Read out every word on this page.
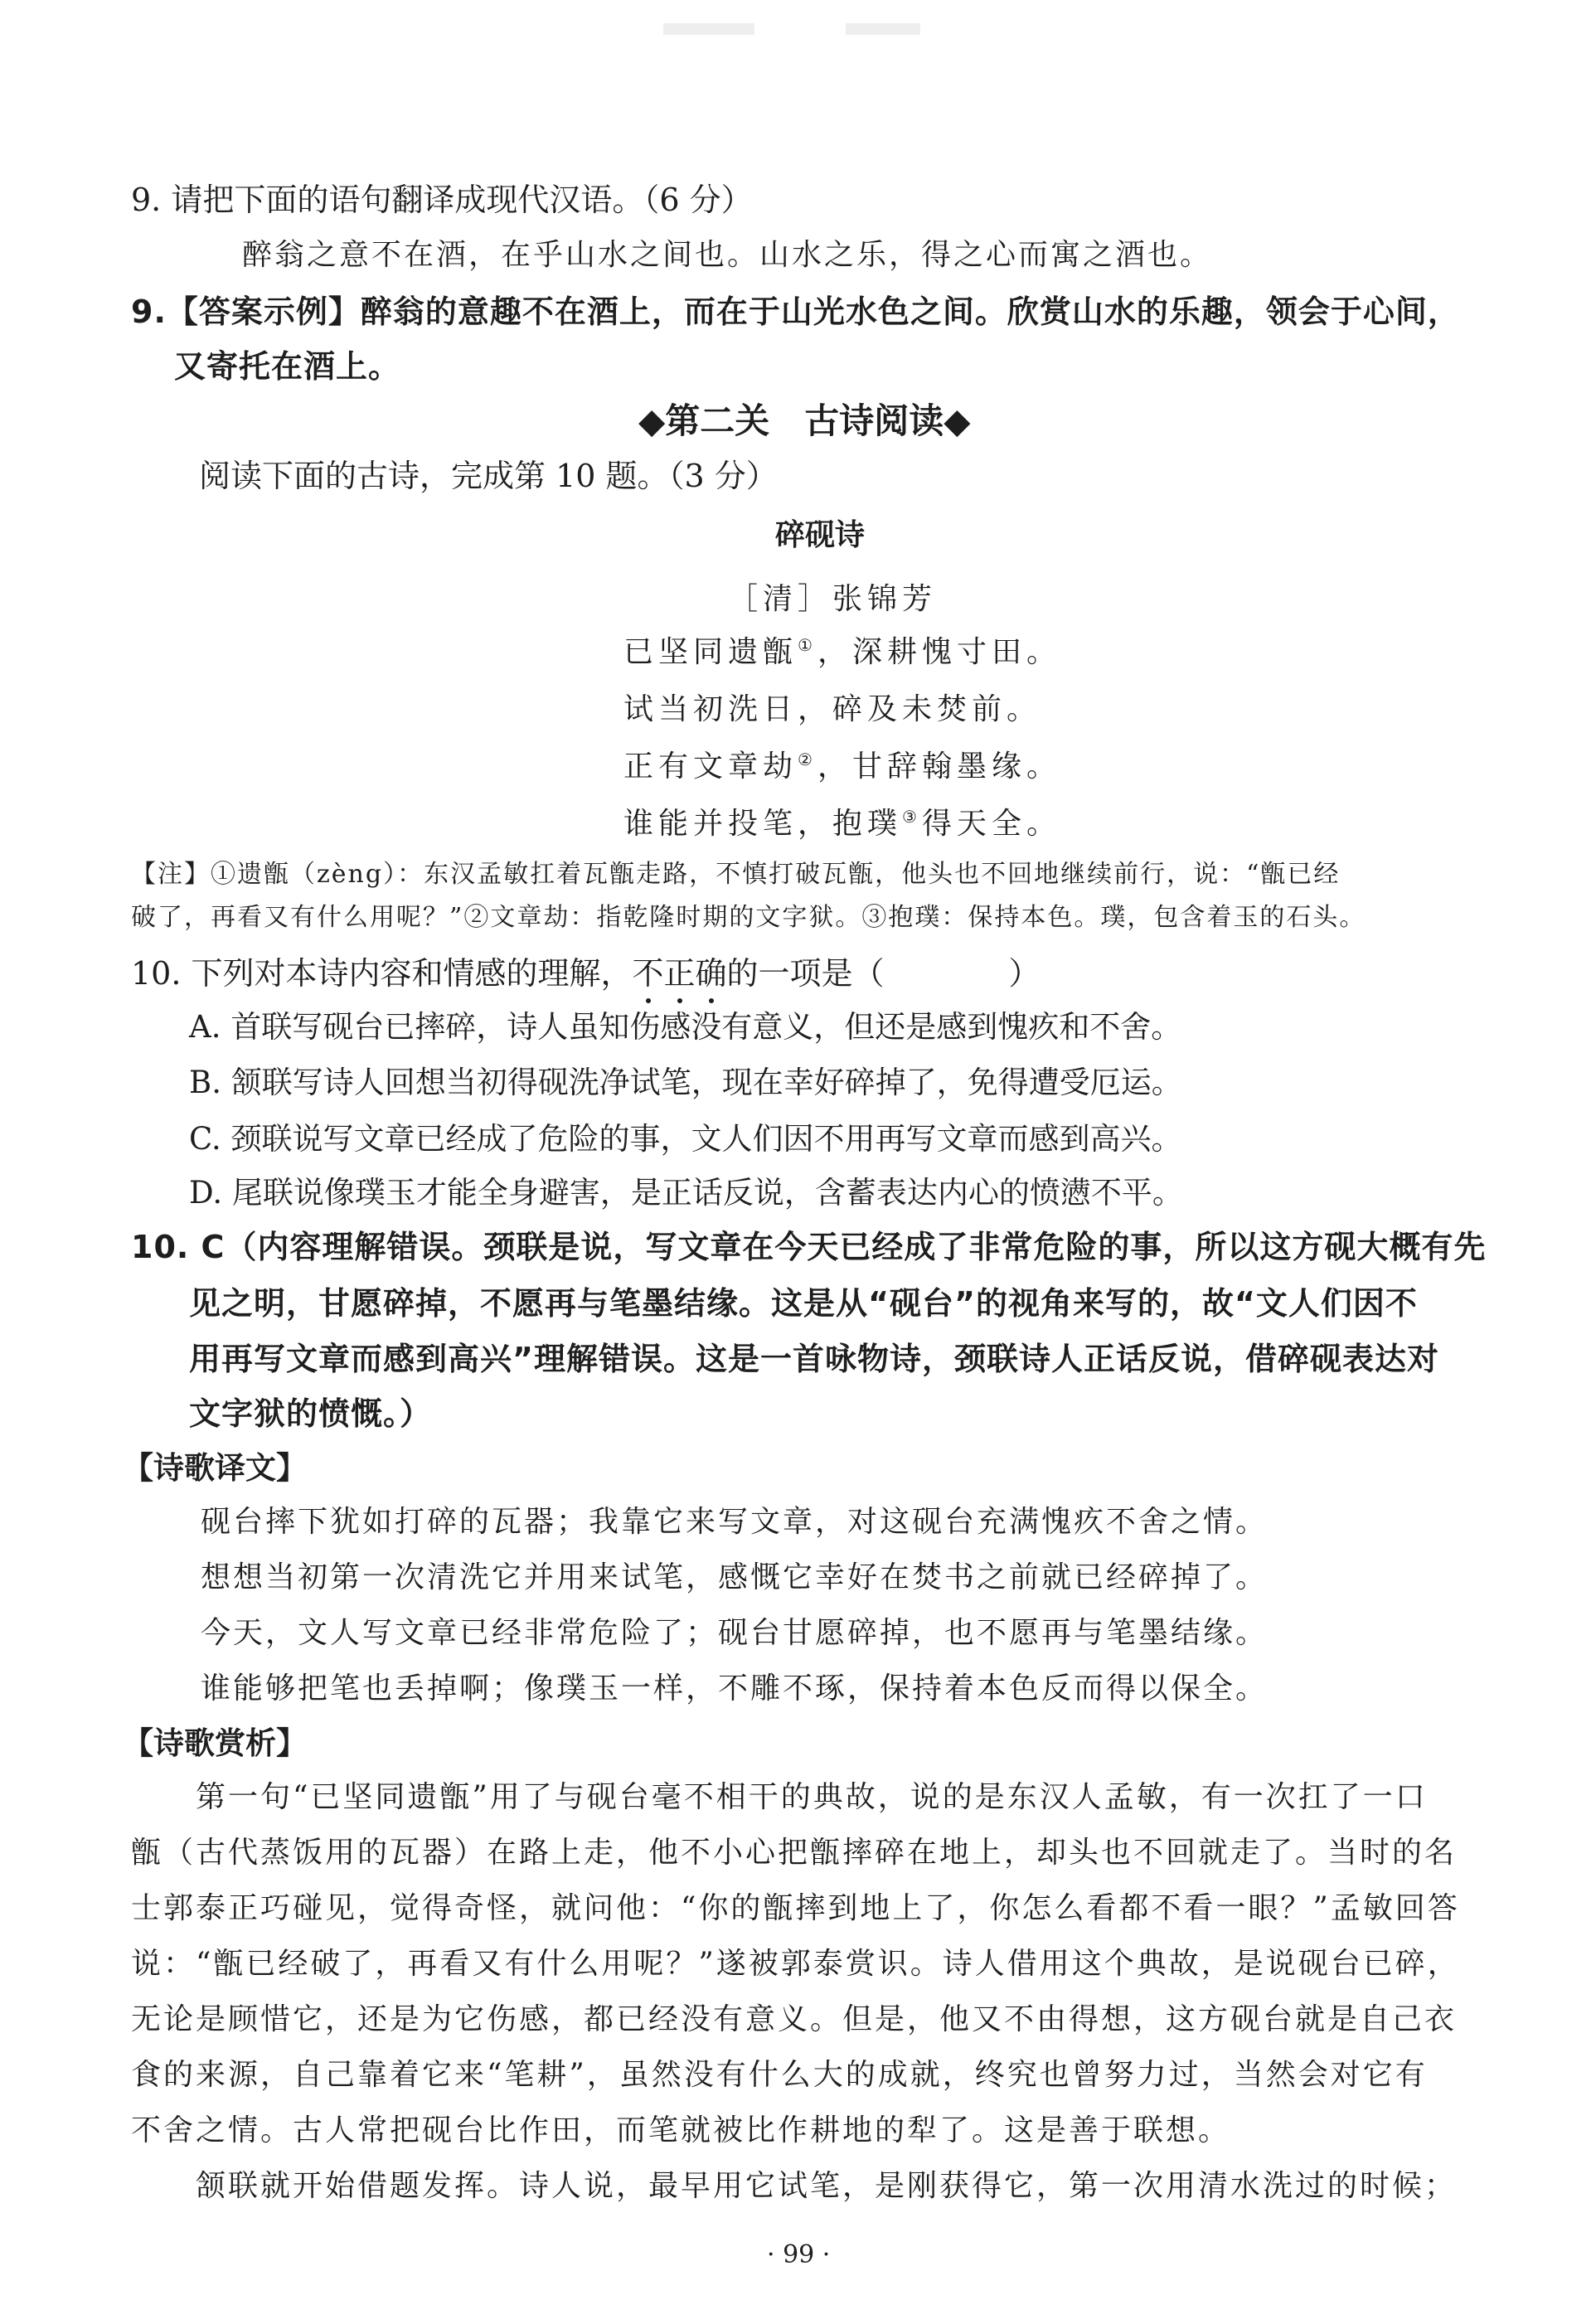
9. 请把下面的语句翻译成现代汉语。（6 分）
醉翁之意不在酒，在乎山水之间也。山水之乐，得之心而寓之酒也。
9.【答案示例】醉翁的意趣不在酒上，而在于山光水色之间。欣赏山水的乐趣，领会于心间，
又寄托在酒上。
◆第二关　古诗阅读◆
阅读下面的古诗，完成第 10 题。（3 分）
碎砚诗
［清］张锦芳
已坚同遗甑①，深耕愧寸田。
试当初洗日，碎及未焚前。
正有文章劫②，甘辞翰墨缘。
谁能并投笔，抱璞③得天全。
【注】①遗甑（zèng）：东汉孟敏扛着瓦甑走路，不慎打破瓦甑，他头也不回地继续前行，说：“甑已经
破了，再看又有什么用呢？”②文章劫：指乾隆时期的文字狱。③抱璞：保持本色。璞，包含着玉的石头。
10. 下列对本诗内容和情感的理解，不正确
的一项是（	）
A. 首联写砚台已摔碎，诗人虽知伤感没有意义，但还是感到愧疚和不舍。
B. 颔联写诗人回想当初得砚洗净试笔，现在幸好碎掉了，免得遭受厄运。
C. 颈联说写文章已经成了危险的事，文人们因不用再写文章而感到高兴。
D. 尾联说像璞玉才能全身避害，是正话反说，含蓄表达内心的愤懑不平。
10. C（内容理解错误。颈联是说，写文章在今天已经成了非常危险的事，所以这方砚大概有先
见之明，甘愿碎掉，不愿再与笔墨结缘。这是从“砚台”的视角来写的，故“文人们因不
用再写文章而感到高兴”理解错误。这是一首咏物诗，颈联诗人正话反说，借碎砚表达对
文字狱的愤慨。）
【诗歌译文】
砚台摔下犹如打碎的瓦器；我靠它来写文章，对这砚台充满愧疚不舍之情。
想想当初第一次清洗它并用来试笔，感慨它幸好在焚书之前就已经碎掉了。
今天，文人写文章已经非常危险了；砚台甘愿碎掉，也不愿再与笔墨结缘。
谁能够把笔也丢掉啊；像璞玉一样，不雕不琢，保持着本色反而得以保全。
【诗歌赏析】
第一句“已坚同遗甑”用了与砚台毫不相干的典故，说的是东汉人孟敏，有一次扛了一口
甑（古代蒸饭用的瓦器）在路上走，他不小心把甑摔碎在地上，却头也不回就走了。当时的名
士郭泰正巧碰见，觉得奇怪，就问他：“你的甑摔到地上了，你怎么看都不看一眼？”孟敏回答
说：“甑已经破了，再看又有什么用呢？”遂被郭泰赏识。诗人借用这个典故，是说砚台已碎，
无论是顾惜它，还是为它伤感，都已经没有意义。但是，他又不由得想，这方砚台就是自己衣
食的来源，自己靠着它来“笔耕”，虽然没有什么大的成就，终究也曾努力过，当然会对它有
不舍之情。古人常把砚台比作田，而笔就被比作耕地的犁了。这是善于联想。
颔联就开始借题发挥。诗人说，最早用它试笔，是刚获得它，第一次用清水洗过的时候；
· 99 ·
